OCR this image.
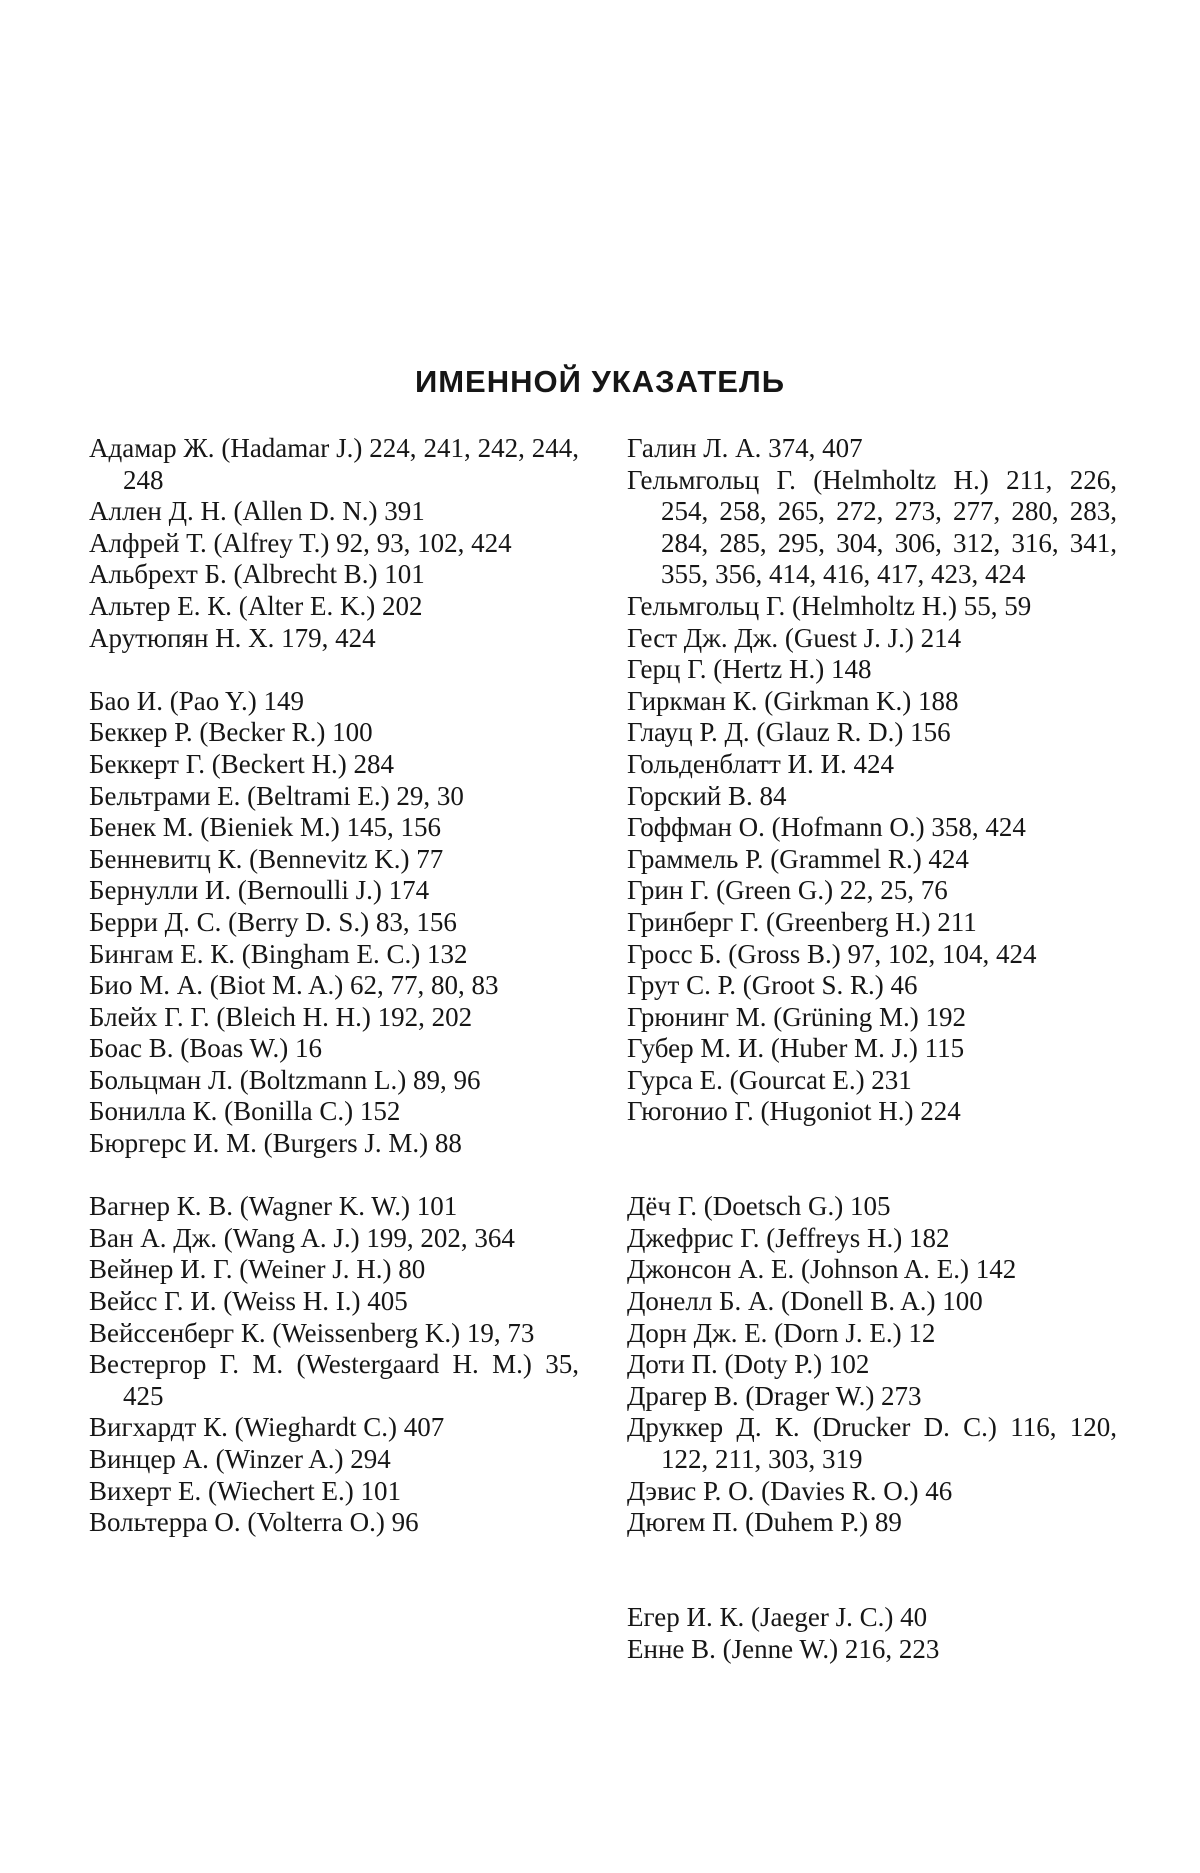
ИМЕННОЙ УКАЗАТЕЛЬ

Адамар Ж. (Hadamar J.) 224, 241, 242, 244, 248

Аллен Д. Н. (Allen D. N.) 391

Алфрей Т. (Alfrey T.) 92, 93, 102, 424

Альбрехт Б. (Albrecht B.) 101

Альтер Е. К. (Alter E. K.) 202

Арутюпян Н. Х. 179, 424

Бао И. (Pao Y.) 149

Беккер Р. (Becker R.) 100

Беккерт Г. (Beckert H.) 284

Бельтрами Е. (Beltrami E.) 29, 30

Бенек М. (Bieniek M.) 145, 156

Бенневитц К. (Bennevitz K.) 77

Бернулли И. (Bernoulli J.) 174

Берри Д. С. (Berry D. S.) 83, 156

Бингам Е. К. (Bingham E. C.) 132

Био М. А. (Biot M. A.) 62, 77, 80, 83

Блейх Г. Г. (Bleich H. H.) 192, 202

Боас В. (Boas W.) 16

Больцман Л. (Boltzmann L.) 89, 96

Бонилла К. (Bonilla C.) 152

Бюргерс И. М. (Burgers J. M.) 88

Вагнер К. В. (Wagner K. W.) 101

Ван А. Дж. (Wang A. J.) 199, 202, 364

Вейнер И. Г. (Weiner J. H.) 80

Вейсс Г. И. (Weiss H. I.) 405

Вейссенберг К. (Weissenberg K.) 19, 73

Вестергор Г. М. (Westergaard H. M.) 35, 425

Вигхардт К. (Wieghardt C.) 407

Винцер А. (Winzer A.) 294

Вихерт Е. (Wiechert E.) 101

Вольтерра О. (Volterra O.) 96

Галин Л. А. 374, 407

Гельмгольц Г. (Helmholtz H.) 211, 226, 254, 258, 265, 272, 273, 277, 280, 283, 284, 285, 295, 304, 306, 312, 316, 341, 355, 356, 414, 416, 417, 423, 424

Гельмгольц Г. (Helmholtz H.) 55, 59

Гест Дж. Дж. (Guest J. J.) 214

Герц Г. (Hertz H.) 148

Гиркман К. (Girkman K.) 188

Глауц Р. Д. (Glauz R. D.) 156

Гольденблатт И. И. 424

Горский В. 84

Гоффман О. (Hofmann O.) 358, 424

Граммель Р. (Grammel R.) 424

Грин Г. (Green G.) 22, 25, 76

Гринберг Г. (Greenberg H.) 211

Гросс Б. (Gross B.) 97, 102, 104, 424

Грут С. Р. (Groot S. R.) 46

Грюнинг М. (Grüning M.) 192

Губер М. И. (Huber M. J.) 115

Гурса Е. (Gourcat E.) 231

Гюгонио Г. (Hugoniot H.) 224

Дёч Г. (Doetsch G.) 105

Джефрис Г. (Jeffreys H.) 182

Джонсон А. Е. (Johnson A. E.) 142

Донелл Б. А. (Donell B. A.) 100

Дорн Дж. Е. (Dorn J. E.) 12

Доти П. (Doty P.) 102

Драгер В. (Drager W.) 273

Друккер Д. К. (Drucker D. C.) 116, 120, 122, 211, 303, 319

Дэвис Р. О. (Davies R. O.) 46

Дюгем П. (Duhem P.) 89

Егер И. К. (Jaeger J. C.) 40

Енне В. (Jenne W.) 216, 223
